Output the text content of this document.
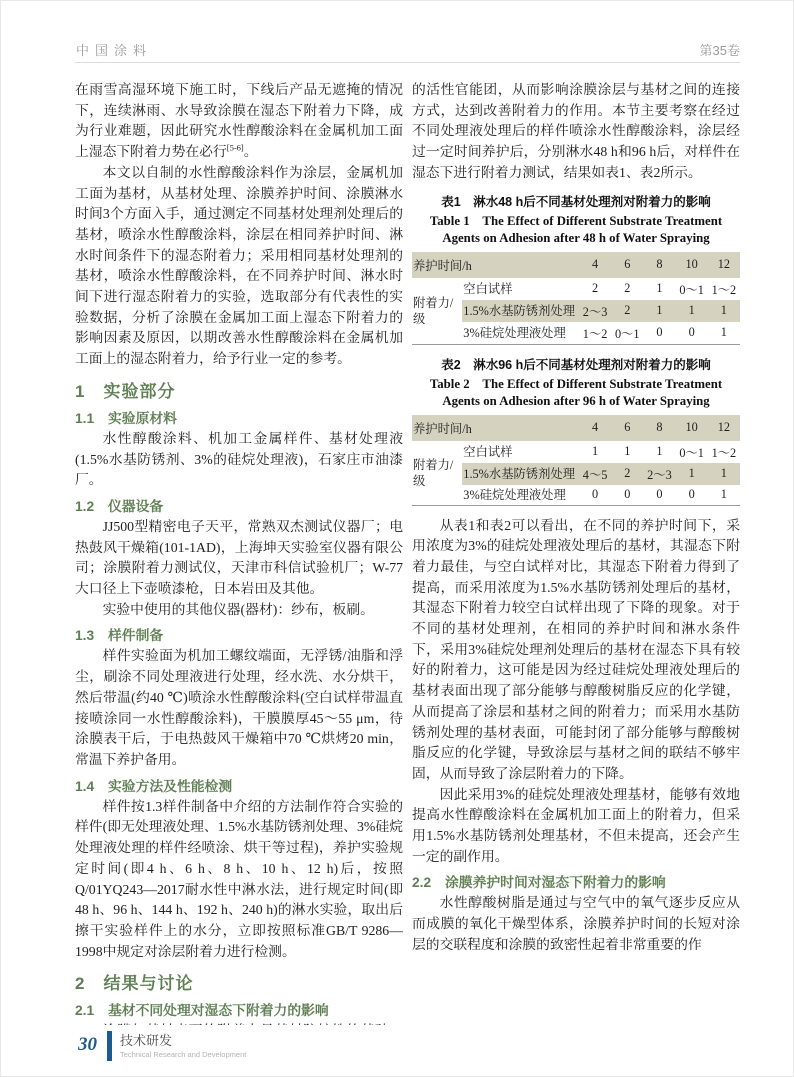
中国涂料	第35卷

在雨雪高湿环境下施工时，下线后产品无遮掩的情况下，连续淋雨、水导致涂膜在湿态下附着力下降，成为行业难题，因此研究水性醇酸涂料在金属机加工面上湿态下附着力势在必行[5-6]。

本文以自制的水性醇酸涂料作为涂层，金属机加工面为基材，从基材处理、涂膜养护时间、涂膜淋水时间3个方面入手，通过测定不同基材处理剂处理后的基材，喷涂水性醇酸涂料，涂层在相同养护时间、淋水时间条件下的湿态附着力；采用相同基材处理剂的基材，喷涂水性醇酸涂料，在不同养护时间、淋水时间下进行湿态附着力的实验，选取部分有代表性的实验数据，分析了涂膜在金属加工面上湿态下附着力的影响因素及原因，以期改善水性醇酸涂料在金属机加工面上的湿态附着力，给予行业一定的参考。

1　实验部分
1.1　实验原材料

水性醇酸涂料、机加工金属样件、基材处理液(1.5%水基防锈剂、3%的硅烷处理液)，石家庄市油漆厂。

1.2　仪器设备

JJ500型精密电子天平，常熟双杰测试仪器厂；电热鼓风干燥箱(101-1AD)，上海坤天实验室仪器有限公司；涂膜附着力测试仪，天津市科信试验机厂；W-77大口径上下壶喷漆枪，日本岩田及其他。

实验中使用的其他仪器(器材)：纱布，板刷。

1.3　样件制备

样件实验面为机加工螺纹端面，无浮锈/油脂和浮尘，刷涂不同处理液进行处理，经水洗、水分烘干，然后带温(约40 ℃)喷涂水性醇酸涂料(空白试样带温直接喷涂同一水性醇酸涂料)，干膜膜厚45～55 μm，待涂膜表干后，于电热鼓风干燥箱中70 ℃烘烤20 min，常温下养护备用。

1.4　实验方法及性能检测

样件按1.3样件制备中介绍的方法制作符合实验的样件(即无处理液处理、1.5%水基防锈剂处理、3%硅烷处理液处理的样件经喷涂、烘干等过程)，养护实验规定时间(即4 h、6 h、8 h、10 h、12 h)后，按照Q/01YQ243—2017耐水性中淋水法，进行规定时间(即48 h、96 h、144 h、192 h、240 h)的淋水实验，取出后擦干实验样件上的水分，立即按照标准GB/T 9286—1998中规定对涂层附着力进行检测。

2　结果与讨论
2.1　基材不同处理对湿态下附着力的影响

的活性官能团，从而影响涂膜涂层与基材之间的连接方式，达到改善附着力的作用。本节主要考察在经过不同处理液处理后的样件喷涂水性醇酸涂料，涂层经过一定时间养护后，分别淋水48 h和96 h后，对样件在湿态下进行附着力测试，结果如表1、表2所示。

表1　淋水48 h后不同基材处理剂对附着力的影响
Table 1　The Effect of Different Substrate Treatment
Agents on Adhesion after 48 h of Water Spraying
养护时间/h		4	6	8	10	12
附着力/级	空白试样	2	2	1	0～1	1～2
	1.5%水基防锈剂处理	2～3	2	1	1	1
	3%硅烷处理液处理	1～2	0～1	0	0	1
表2　淋水96 h后不同基材处理剂对附着力的影响
Table 2　The Effect of Different Substrate Treatment
Agents on Adhesion after 96 h of Water Spraying
养护时间/h		4	6	8	10	12
附着力/级	空白试样	1	1	1	0～1	1～2
	1.5%水基防锈剂处理	4～5	2	2～3	1	1
	3%硅烷处理液处理	0	0	0	0	1

从表1和表2可以看出，在不同的养护时间下，采用浓度为3%的硅烷处理液处理后的基材，其湿态下附着力最佳，与空白试样对比，其湿态下附着力得到了提高，而采用浓度为1.5%水基防锈剂处理后的基材，其湿态下附着力较空白试样出现了下降的现象。对于不同的基材处理剂，在相同的养护时间和淋水条件下，采用3%硅烷处理剂处理后的基材在湿态下具有较好的附着力，这可能是因为经过硅烷处理液处理后的基材表面出现了部分能够与醇酸树脂反应的化学键，从而提高了涂层和基材之间的附着力；而采用水基防锈剂处理的基材表面，可能封闭了部分能够与醇酸树脂反应的化学键，导致涂层与基材之间的联结不够牢固，从而导致了涂层附着力的下降。

因此采用3%的硅烷处理液处理基材，能够有效地提高水性醇酸涂料在金属机加工面上的附着力，但采用1.5%水基防锈剂处理基材，不但未提高，还会产生一定的副作用。

2.2　涂膜养护时间对湿态下附着力的影响

水性醇酸树脂是通过与空气中的氧气逐步反应从而成膜的氧化干燥型体系，涂膜养护时间的长短对涂层的交联程度和涂膜的致密性起着非常重要的作

30 技术研发
Technical Research and Development
